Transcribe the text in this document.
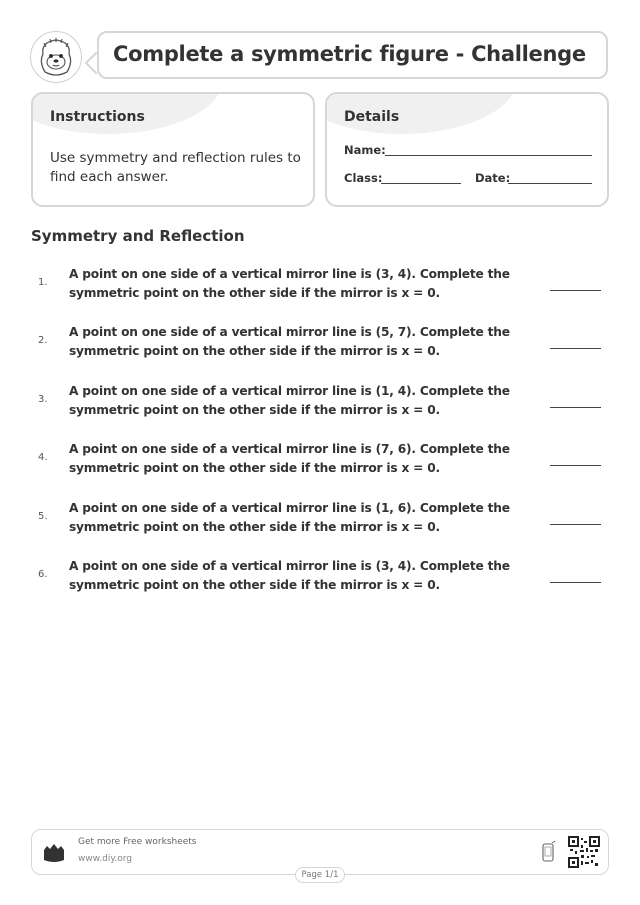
Complete a symmetric figure - Challenge
Instructions
Use symmetry and reflection rules to find each answer.
Details
Name:
Class:	Date:
Symmetry and Reflection
1.
A point on one side of a vertical mirror line is (3, 4). Complete the symmetric point on the other side if the mirror is x = 0.
2.
A point on one side of a vertical mirror line is (5, 7). Complete the symmetric point on the other side if the mirror is x = 0.
3.
A point on one side of a vertical mirror line is (1, 4). Complete the symmetric point on the other side if the mirror is x = 0.
4.
A point on one side of a vertical mirror line is (7, 6). Complete the symmetric point on the other side if the mirror is x = 0.
5.
A point on one side of a vertical mirror line is (1, 6). Complete the symmetric point on the other side if the mirror is x = 0.
6.
A point on one side of a vertical mirror line is (3, 4). Complete the symmetric point on the other side if the mirror is x = 0.
Get more Free worksheets
www.diy.org
Page 1/1
